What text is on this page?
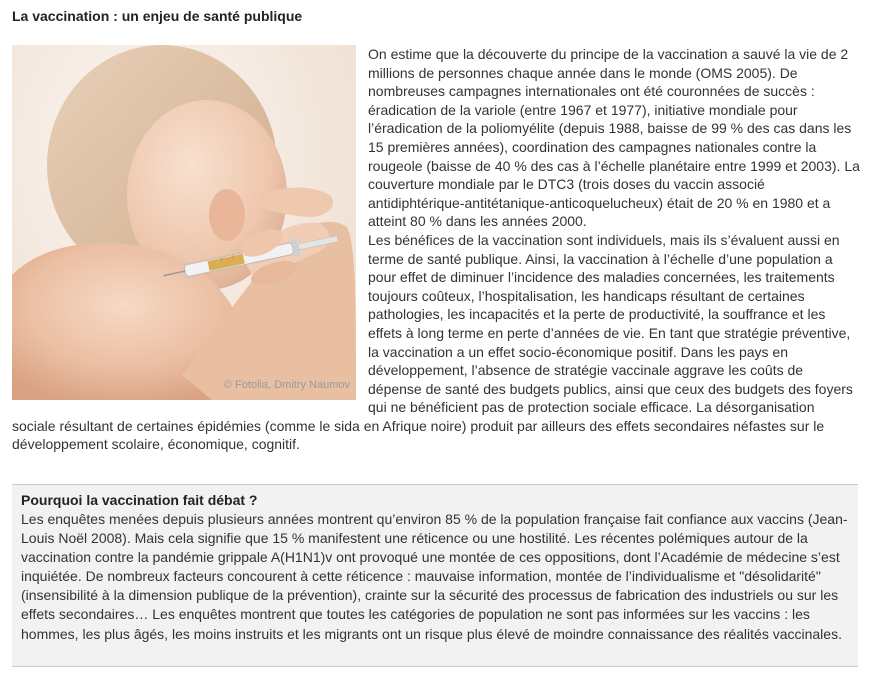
La vaccination : un enjeu de santé publique
© Fotolia, Dmitry Naumov

On estime que la découverte du principe de la vaccination a sauvé la vie de 2 millions de personnes chaque année dans le monde (OMS 2005). De nombreuses campagnes internationales ont été couronnées de succès : éradication de la variole (entre 1967 et 1977), initiative mondiale pour l’éradication de la poliomyélite (depuis 1988, baisse de 99 % des cas dans les 15 premières années), coordination des campagnes nationales contre la rougeole (baisse de 40 % des cas à l’échelle planétaire entre 1999 et 2003). La couverture mondiale par le DTC3 (trois doses du vaccin associé antidiphtérique-antitétanique-anticoquelucheux) était de 20 % en 1980 et a atteint 80 % dans les années 2000.

Les bénéfices de la vaccination sont individuels, mais ils s’évaluent aussi en terme de santé publique. Ainsi, la vaccination à l’échelle d’une population a pour effet de diminuer l’incidence des maladies concernées, les traitements toujours coûteux, l’hospitalisation, les handicaps résultant de certaines pathologies, les incapacités et la perte de productivité, la souffrance et les effets à long terme en perte d’années de vie. En tant que stratégie préventive, la vaccination a un effet socio-économique positif. Dans les pays en développement, l’absence de stratégie vaccinale aggrave les coûts de dépense de santé des budgets publics, ainsi que ceux des budgets des foyers qui ne bénéficient pas de protection sociale efficace. La désorganisation sociale résultant de certaines épidémies (comme le sida en Afrique noire) produit par ailleurs des effets secondaires néfastes sur le développement scolaire, économique, cognitif.

Pourquoi la vaccination fait débat ?

Les enquêtes menées depuis plusieurs années montrent qu’environ 85 % de la population française fait confiance aux vaccins (Jean-Louis Noël 2008). Mais cela signifie que 15 % manifestent une réticence ou une hostilité. Les récentes polémiques autour de la vaccination contre la pandémie grippale A(H1N1)v ont provoqué une montée de ces oppositions, dont l’Académie de médecine s’est inquiétée. De nombreux facteurs concourent à cette réticence : mauvaise information, montée de l’individualisme et "désolidarité" (insensibilité à la dimension publique de la prévention), crainte sur la sécurité des processus de fabrication des industriels ou sur les effets secondaires… Les enquêtes montrent que toutes les catégories de population ne sont pas informées sur les vaccins : les hommes, les plus âgés, les moins instruits et les migrants ont un risque plus élevé de moindre connaissance des réalités vaccinales.
